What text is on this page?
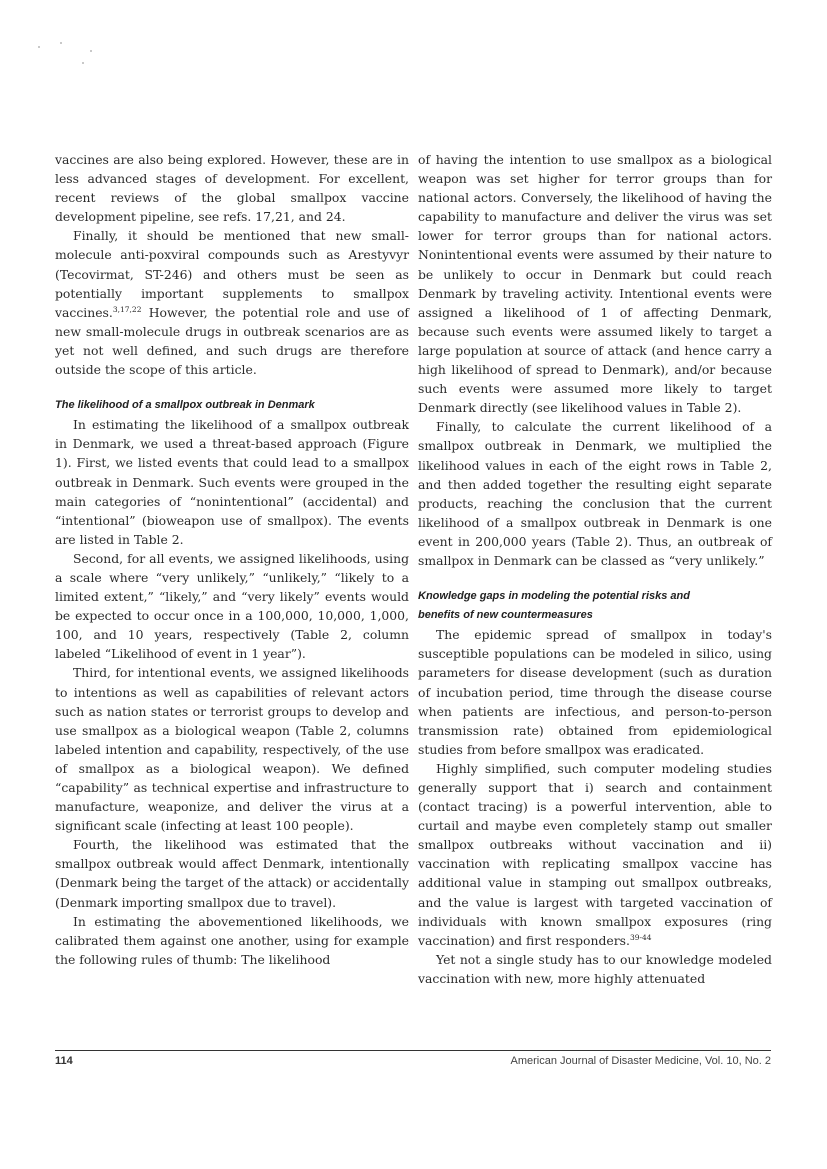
vaccines are also being explored. However, these are in less advanced stages of development. For excellent, recent reviews of the global smallpox vaccine development pipeline, see refs. 17,21, and 24.

Finally, it should be mentioned that new small-molecule anti-poxviral compounds such as Arestyvyr (Tecovirmat, ST-246) and others must be seen as potentially important supplements to smallpox vaccines.$^{3,17,22}$ However, the potential role and use of new small-molecule drugs in outbreak scenarios are as yet not well defined, and such drugs are therefore outside the scope of this article.

The likelihood of a smallpox outbreak in Denmark

In estimating the likelihood of a smallpox outbreak in Denmark, we used a threat-based approach (Figure 1). First, we listed events that could lead to a smallpox outbreak in Denmark. Such events were grouped in the main categories of “nonintentional” (accidental) and “intentional” (bioweapon use of smallpox). The events are listed in Table 2.

Second, for all events, we assigned likelihoods, using a scale where “very unlikely,” “unlikely,” “likely to a limited extent,” “likely,” and “very likely” events would be expected to occur once in a 100,000, 10,000, 1,000, 100, and 10 years, respectively (Table 2, column labeled “Likelihood of event in 1 year”).

Third, for intentional events, we assigned likelihoods to intentions as well as capabilities of relevant actors such as nation states or terrorist groups to develop and use smallpox as a biological weapon (Table 2, columns labeled intention and capability, respectively, of the use of smallpox as a biological weapon). We defined “capability” as technical expertise and infrastructure to manufacture, weaponize, and deliver the virus at a significant scale (infecting at least 100 people).

Fourth, the likelihood was estimated that the smallpox outbreak would affect Denmark, intentionally (Denmark being the target of the attack) or accidentally (Denmark importing smallpox due to travel).

In estimating the abovementioned likelihoods, we calibrated them against one another, using for example the following rules of thumb: The likelihood

of having the intention to use smallpox as a biological weapon was set higher for terror groups than for national actors. Conversely, the likelihood of having the capability to manufacture and deliver the virus was set lower for terror groups than for national actors. Nonintentional events were assumed by their nature to be unlikely to occur in Denmark but could reach Denmark by traveling activity. Intentional events were assigned a likelihood of 1 of affecting Denmark, because such events were assumed likely to target a large population at source of attack (and hence carry a high likelihood of spread to Denmark), and/or because such events were assumed more likely to target Denmark directly (see likelihood values in Table 2).

Finally, to calculate the current likelihood of a smallpox outbreak in Denmark, we multiplied the likelihood values in each of the eight rows in Table 2, and then added together the resulting eight separate products, reaching the conclusion that the current likelihood of a smallpox outbreak in Denmark is one event in 200,000 years (Table 2). Thus, an outbreak of smallpox in Denmark can be classed as “very unlikely.”

Knowledge gaps in modeling the potential risks and
benefits of new countermeasures

The epidemic spread of smallpox in today's susceptible populations can be modeled in silico, using parameters for disease development (such as duration of incubation period, time through the disease course when patients are infectious, and person-to-person transmission rate) obtained from epidemiological studies from before smallpox was eradicated.

Highly simplified, such computer modeling studies generally support that i) search and containment (contact tracing) is a powerful intervention, able to curtail and maybe even completely stamp out smaller smallpox outbreaks without vaccination and ii) vaccination with replicating smallpox vaccine has additional value in stamping out smallpox outbreaks, and the value is largest with targeted vaccination of individuals with known smallpox exposures (ring vaccination) and first responders.$^{39-44}$

Yet not a single study has to our knowledge modeled vaccination with new, more highly attenuated

114	American Journal of Disaster Medicine, Vol. 10, No. 2
